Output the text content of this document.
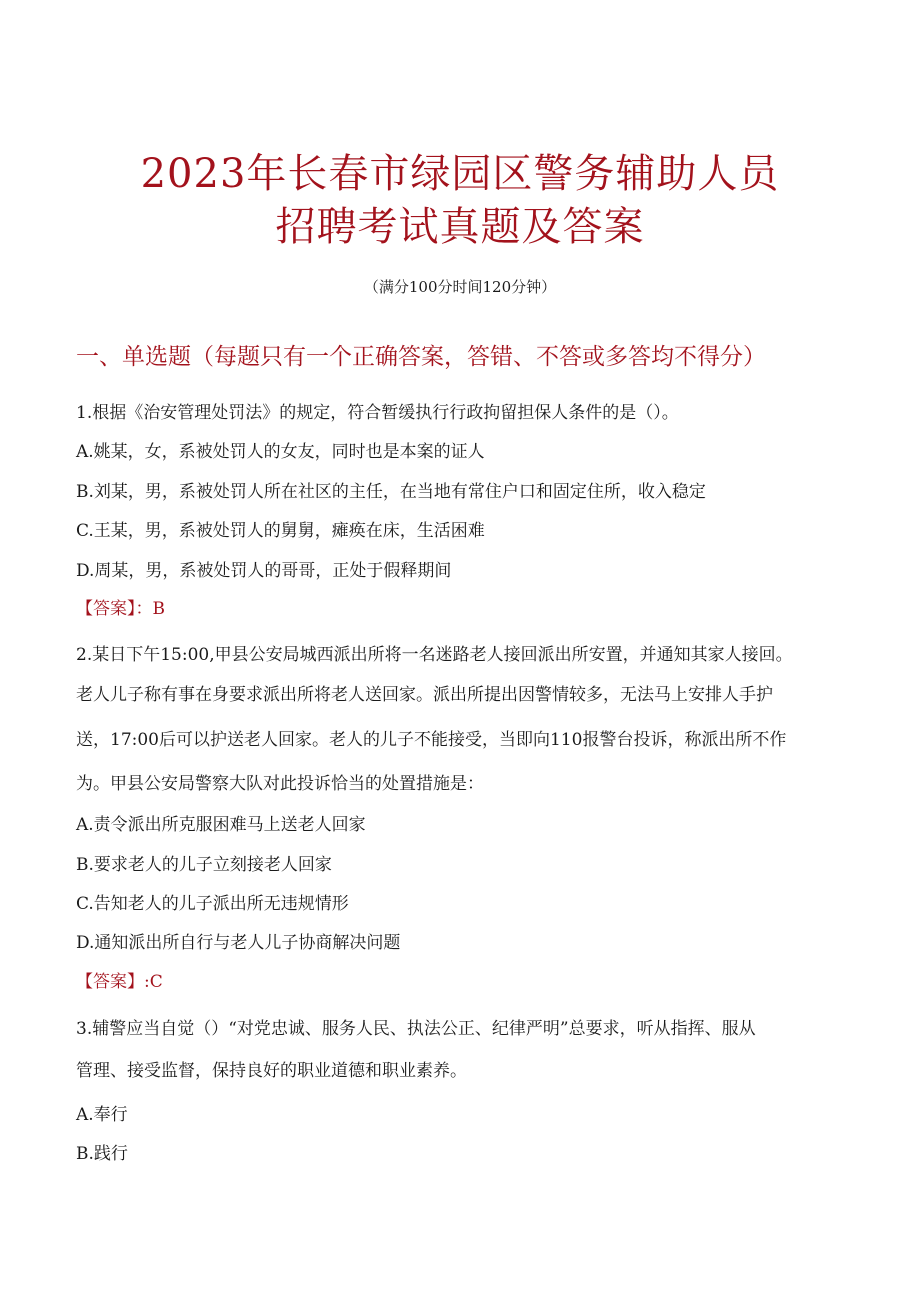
2023年长春市绿园区警务辅助人员
招聘考试真题及答案
（满分100分时间120分钟）
一、单选题（每题只有一个正确答案，答错、不答或多答均不得分）
1.根据《治安管理处罚法》的规定，符合暂缓执行行政拘留担保人条件的是（）。
A.姚某，女，系被处罚人的女友，同时也是本案的证人
B.刘某，男，系被处罚人所在社区的主任，在当地有常住户口和固定住所，收入稳定
C.王某，男，系被处罚人的舅舅，瘫痪在床，生活困难
D.周某，男，系被处罚人的哥哥，正处于假释期间
【答案】：B
2.某日下午15:00,甲县公安局城西派出所将一名迷路老人接回派出所安置，并通知其家人接回。
老人儿子称有事在身要求派出所将老人送回家。派出所提出因警情较多，无法马上安排人手护
送，17:00后可以护送老人回家。老人的儿子不能接受，当即向110报警台投诉，称派出所不作
为。甲县公安局警察大队对此投诉恰当的处置措施是：
A.责令派出所克服困难马上送老人回家
B.要求老人的儿子立刻接老人回家
C.告知老人的儿子派出所无违规情形
D.通知派出所自行与老人儿子协商解决问题
【答案】:C
3.辅警应当自觉（）“对党忠诚、服务人民、执法公正、纪律严明”总要求，听从指挥、服从
管理、接受监督，保持良好的职业道德和职业素养。
A.奉行
B.践行
